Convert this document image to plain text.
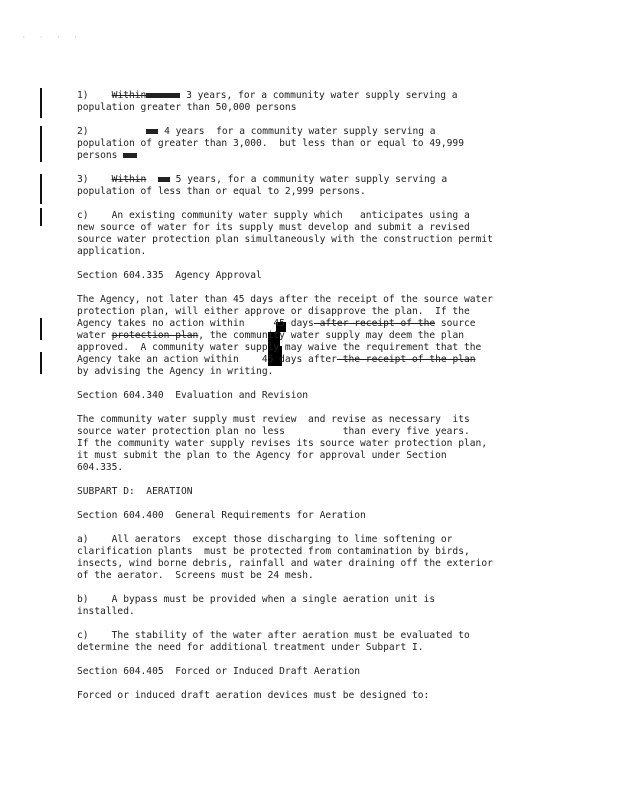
· · · ·

1) Within	3 years, for a community water supply serving a
population greater than 50,000 persons

2)	4 years  for a community water supply serving a
population of greater than 3,000.  but less than or equal to 49,999
persons

3) Within   5 years, for a community water supply serving a
population of less than or equal to 2,999 persons.

c)    An existing community water supply which   anticipates using a
new source of water for its supply must develop and submit a revised
source water protection plan simultaneously with the construction permit
application.

Section 604.335  Agency Approval

The Agency, not later than 45 days after the receipt of the source water
protection plan, will either approve or disapprove the plan.  If the
Agency takes no action within     45 days after receipt of the source
water protection plan, the community water supply may deem the plan
approved.  A community water supply may waive the requirement that the
Agency take an action within    45 days after the receipt of the plan
by advising the Agency in writing.

Section 604.340  Evaluation and Revision

The community water supply must review  and revise as necessary  its
source water protection plan no less          than every five years.
If the community water supply revises its source water protection plan,
it must submit the plan to the Agency for approval under Section
604.335.

SUBPART D:  AERATION

Section 604.400  General Requirements for Aeration

a)    All aerators  except those discharging to lime softening or
clarification plants  must be protected from contamination by birds,
insects, wind borne debris, rainfall and water draining off the exterior
of the aerator.  Screens must be 24 mesh.

b)    A bypass must be provided when a single aeration unit is
installed.

c)    The stability of the water after aeration must be evaluated to
determine the need for additional treatment under Subpart I.

Section 604.405  Forced or Induced Draft Aeration

Forced or induced draft aeration devices must be designed to:
